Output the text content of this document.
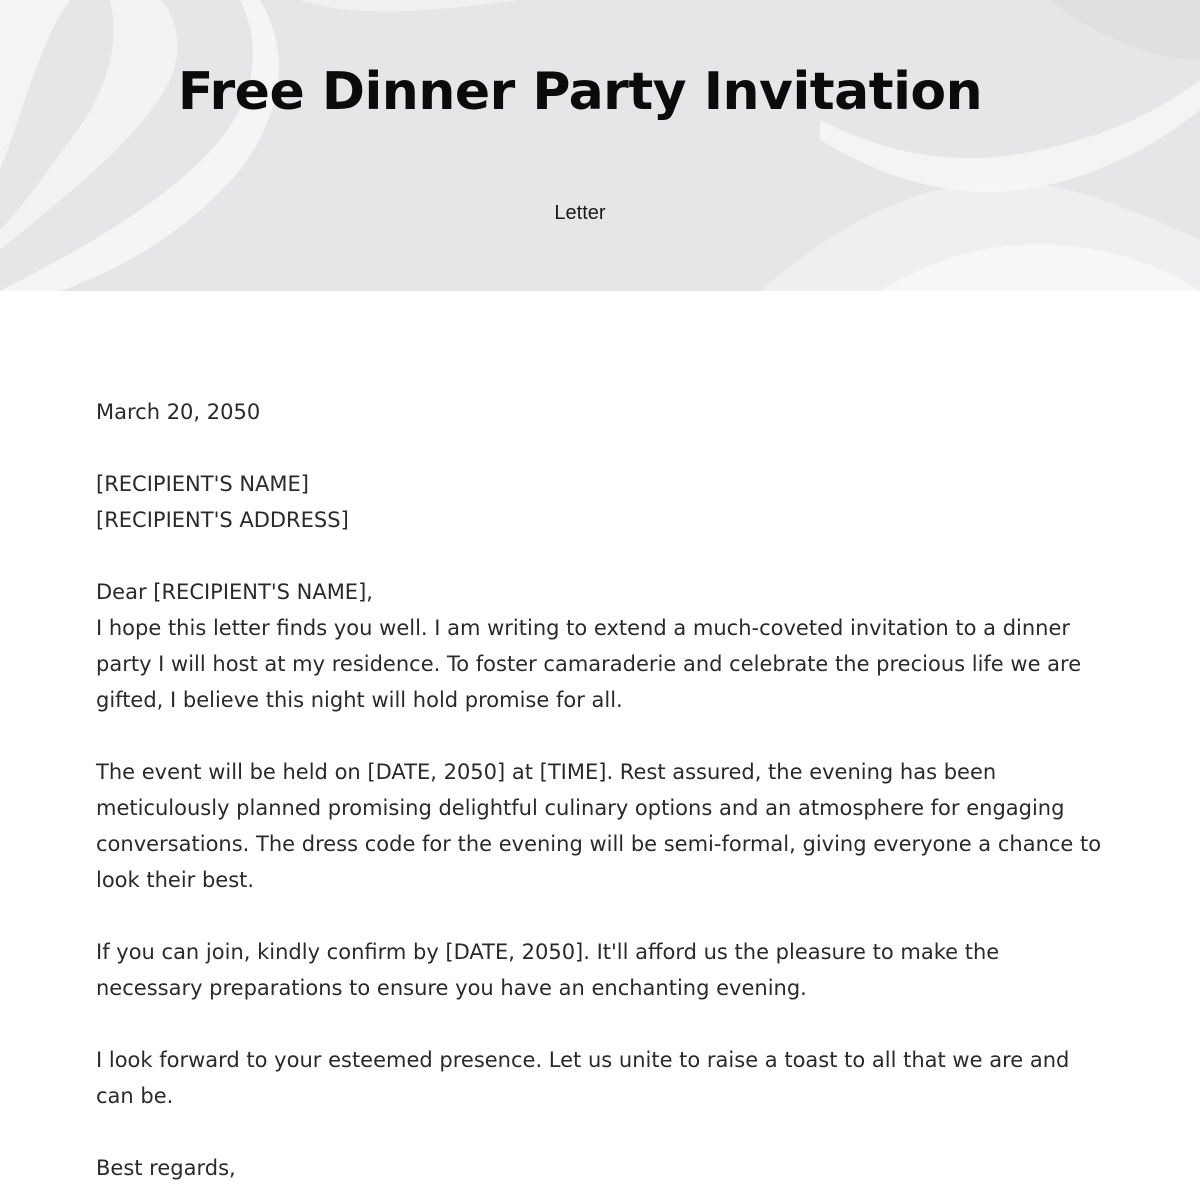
Free Dinner Party Invitation
Letter

March 20, 2050

[RECIPIENT'S NAME]
[RECIPIENT'S ADDRESS]

Dear [RECIPIENT'S NAME],

I hope this letter finds you well. I am writing to extend a much-coveted invitation to a dinner party I will host at my residence. To foster camaraderie and celebrate the precious life we are gifted, I believe this night will hold promise for all.

The event will be held on [DATE, 2050] at [TIME]. Rest assured, the evening has been meticulously planned promising delightful culinary options and an atmosphere for engaging conversations. The dress code for the evening will be semi-formal, giving everyone a chance to look their best.

If you can join, kindly confirm by [DATE, 2050]. It'll afford us the pleasure to make the necessary preparations to ensure you have an enchanting evening.

I look forward to your esteemed presence. Let us unite to raise a toast to all that we are and can be.

Best regards,
